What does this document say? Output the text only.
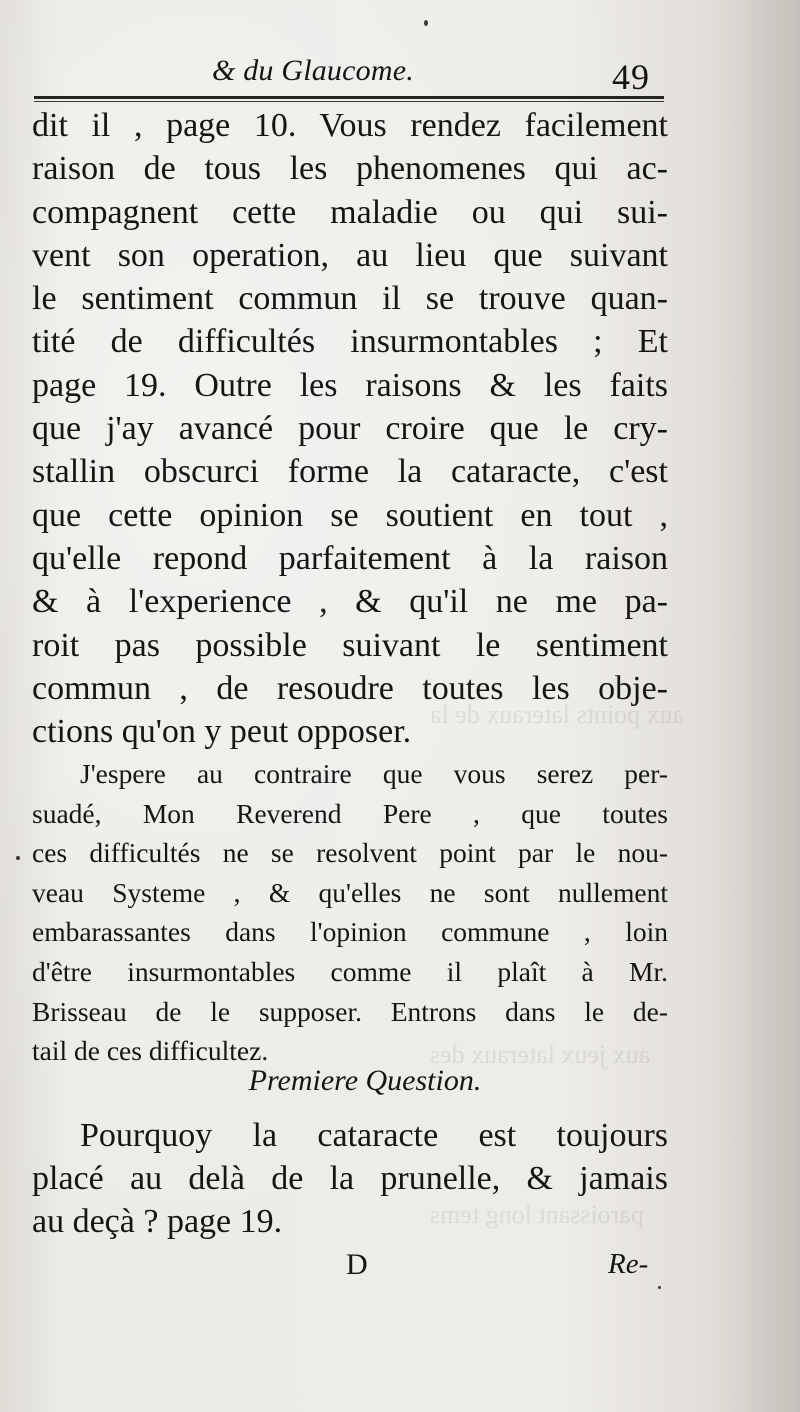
aux points lateraux de la
aux jeux lateraux des
paroissant long tems
& du Glaucome.	49
dit il , page 10. Vous rendez facilement
raison de tous les phenomenes qui ac-
compagnent cette maladie ou qui sui-
vent son operation, au lieu que suivant
le sentiment commun il se trouve quan-
tité de difficultés insurmontables ; Et
page 19. Outre les raisons & les faits
que j'ay avancé pour croire que le cry-
stallin obscurci forme la cataracte, c'est
que cette opinion se soutient en tout ,
qu'elle repond parfaitement à la raison
& à l'experience , & qu'il ne me pa-
roit pas possible suivant le sentiment
commun , de resoudre toutes les obje-
ctions qu'on y peut opposer.
J'espere au contraire que vous serez per-
suadé, Mon Reverend Pere , que toutes
ces difficultés ne se resolvent point par le nou-
veau Systeme , & qu'elles ne sont nullement
embarassantes dans l'opinion commune , loin
d'être insurmontables comme il plaît à Mr.
Brisseau de le supposer. Entrons dans le de-
tail de ces difficultez.
Premiere Question.
Pourquoy la cataracte est toujours
placé au delà de la prunelle, & jamais
au deçà ? page 19.
D	Re-
